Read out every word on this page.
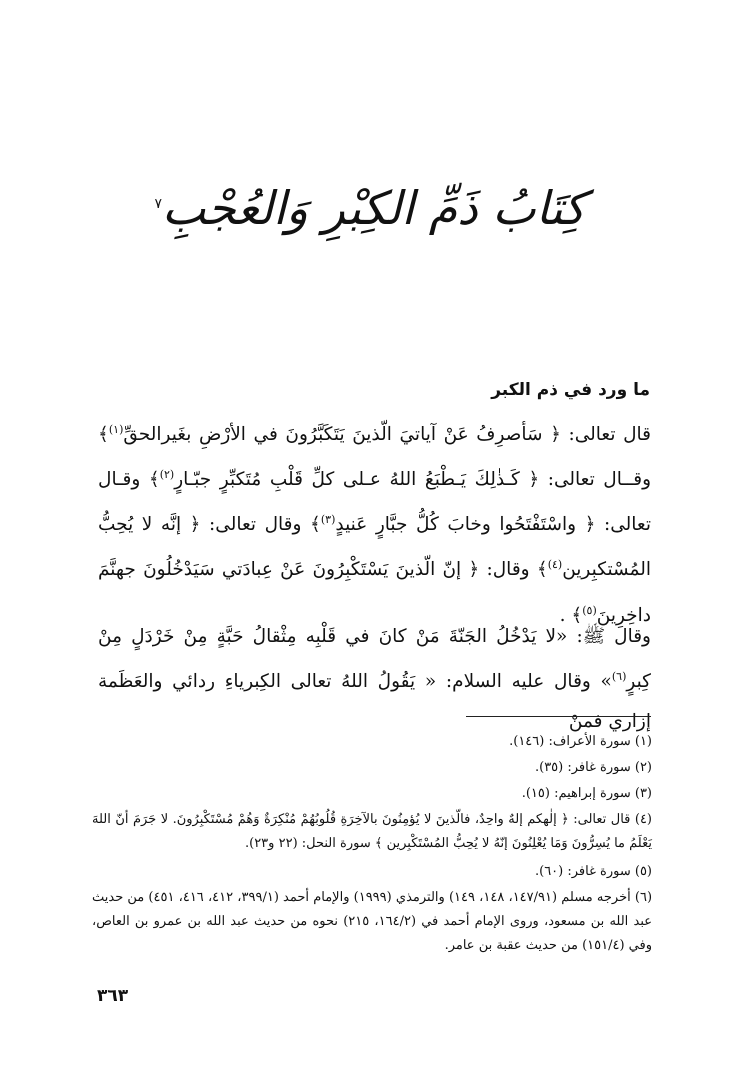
كِتَابُ ذَمِّ الكِبْرِ وَالعُجْبِ$^٧$
ما ورد في ذم الكبر

قال تعالى: ﴿ سَأصرِفُ عَنْ آياتيَ الّذينَ يَتَكَبَّرُونَ في الأرْضِ بغَيرالحقِّ$^{(١)}$﴾ وقــال تعالى: ﴿ كَـذٰلِكَ يَـطْبَعُ اللهُ عـلى كلِّ قَلْبِ مُتَكبِّرٍ جبّـارٍ$^{(٢)}$﴾ وقـال تعالى: ﴿ واسْتَفْتَحُوا وخابَ كُلُّ جبَّارٍ عَنيدٍ$^{(٣)}$﴾ وقال تعالى: ﴿ إنَّه لا يُحِبُّ المُسْتكبِرين$^{(٤)}$﴾ وقال: ﴿ إنّ الّذينَ يَسْتَكْبِرُونَ عَنْ عِبادَتي سَيَدْخُلُونَ جهنَّمَ داخِرِينَ$^{(٥)}$﴾ .

وقال ﷺ: «لا يَدْخُلُ الجَنّةَ مَنْ كانَ في قَلْبِه مِثْقالُ حَبَّةٍ مِنْ خَرْدَلٍ مِنْ كِبرٍ$^{(٦)}$» وقال عليه السلام: « يَقُولُ اللهُ تعالى الكِبرياءِ ردائي والعَظَمة إزاري فمنْ

(١) سورة الأعراف: (١٤٦).

(٢) سورة غافر: (٣٥).

(٣) سورة إبراهيم: (١٥).

(٤) قال تعالى: ﴿ إلٰهكم إلهٌ واحِدٌ، فالّذينَ لا يُؤمِنُونَ بالآخِرَةِ قُلُوبُهُمْ مُنْكِرَةٌ وَهُمْ مُسْتَكْبِرُونَ. لا جَرَمَ أنّ اللهَ يَعْلَمُ ما يُسِرُّونَ وَمَا يُعْلِنُونَ إنّهُ لا يُحِبُّ المُسْتَكْبِرين ﴾ سورة النحل: (٢٢ و٢٣).

(٥) سورة غافر: (٦٠).

(٦) أخرجه مسلم (١٤٧/٩١، ١٤٨، ١٤٩) والترمذي (١٩٩٩) والإمام أحمد (٣٩٩/١، ٤١٢، ٤١٦، ٤٥١) من حديث عبد الله بن مسعود، وروى الإمام أحمد في (١٦٤/٢، ٢١٥) نحوه من حديث عبد الله بن عمرو بن العاص، وفي (١٥١/٤) من حديث عقبة بن عامر.

٣٦٣
